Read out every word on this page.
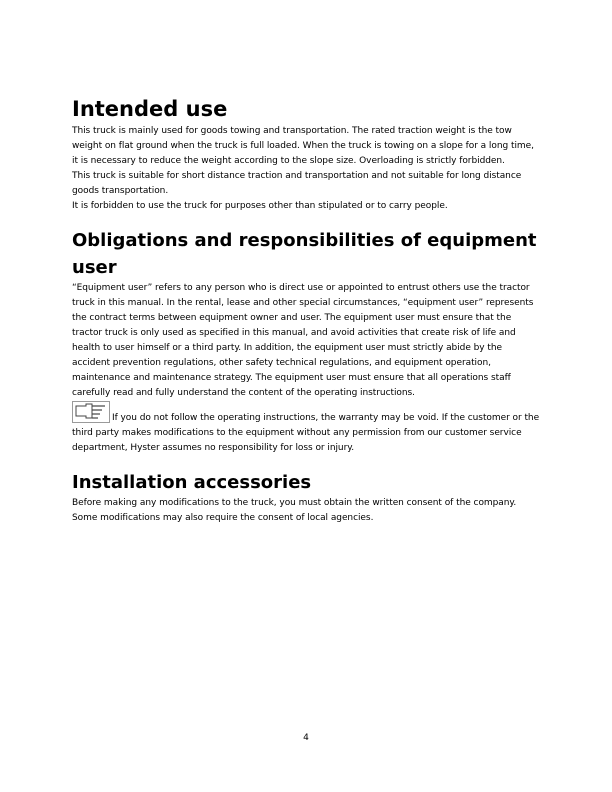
Intended use

This truck is mainly used for goods towing and transportation. The rated traction weight is the tow weight on flat ground when the truck is full loaded. When the truck is towing on a slope for a long time, it is necessary to reduce the weight according to the slope size. Overloading is strictly forbidden.

This truck is suitable for short distance traction and transportation and not suitable for long distance goods transportation.

It is forbidden to use the truck for purposes other than stipulated or to carry people.

Obligations and responsibilities of equipment user

“Equipment user” refers to any person who is direct use or appointed to entrust others use the tractor truck in this manual. In the rental, lease and other special circumstances, “equipment user” represents the contract terms between equipment owner and user. The equipment user must ensure that the tractor truck is only used as specified in this manual, and avoid activities that create risk of life and health to user himself or a third party. In addition, the equipment user must strictly abide by the accident prevention regulations, other safety technical regulations, and equipment operation, maintenance and maintenance strategy. The equipment user must ensure that all operations staff carefully read and fully understand the content of the operating instructions.

If you do not follow the operating instructions, the warranty may be void. If the customer or the third party makes modifications to the equipment without any permission from our customer service department, Hyster assumes no responsibility for loss or injury.

Installation accessories

Before making any modifications to the truck, you must obtain the written consent of the company. Some modifications may also require the consent of local agencies.

4
